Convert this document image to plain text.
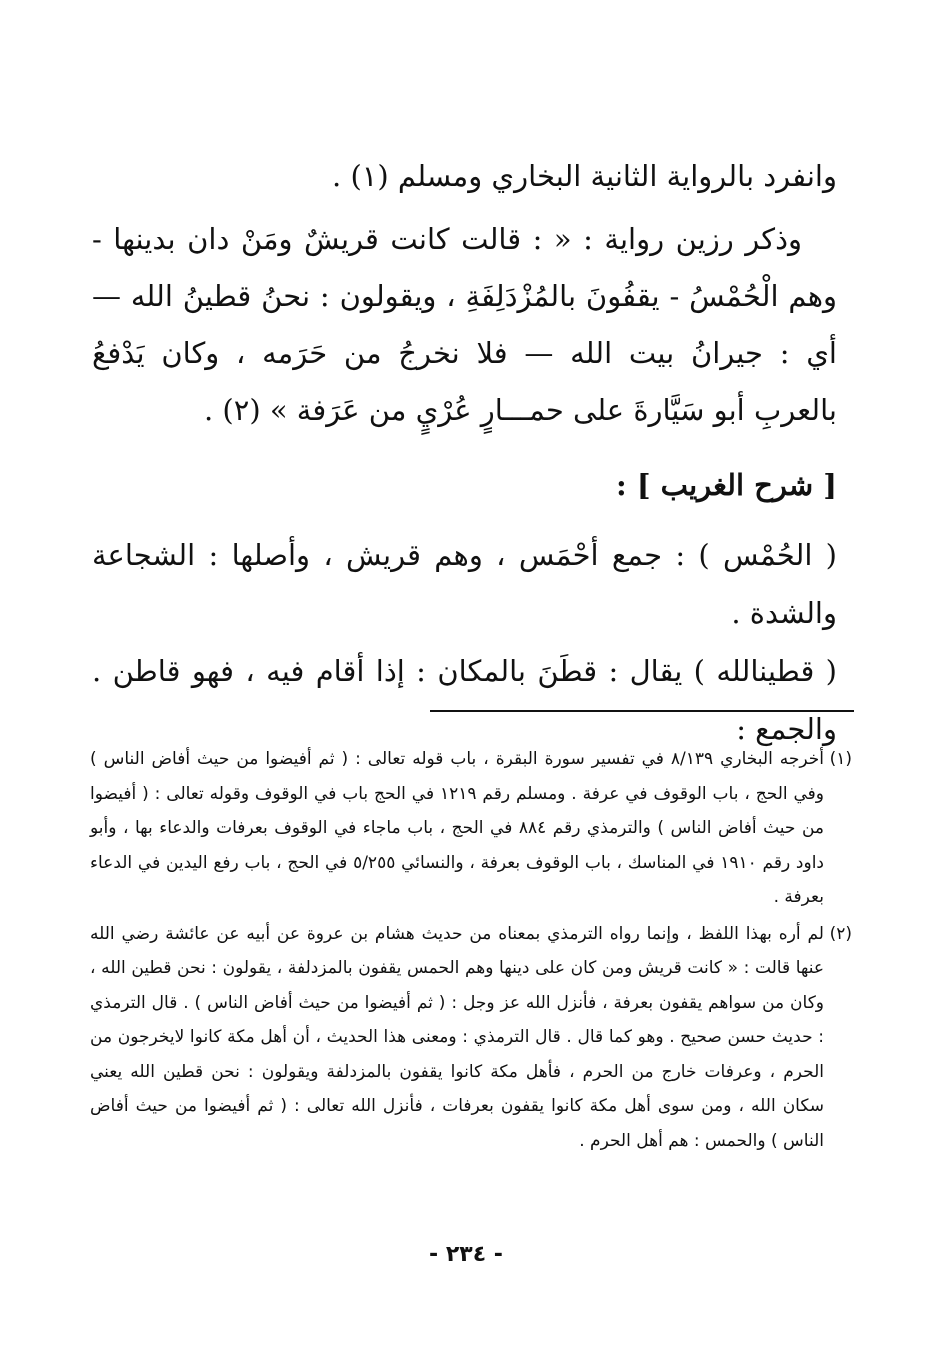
وانفرد بالرواية الثانية البخاري ومسلم (١) .

وذكر رزين رواية : « : قالت كانت قريشٌ ومَنْ دان بدينها - وهم الْحُمْسُ - يقفُونَ بالمُزْدَلِفَةِ ، ويقولون : نحنُ قطينُ الله — أي : جيرانُ بيت الله — فلا نخرجُ من حَرَمه ، وكان يَدْفعُ بالعربِ أبو سَيَّارةَ على حمـــارٍ عُرْيٍ من عَرَفة » (٢) .

[ شرح الغريب ] :

( الحُمْس ) : جمع أحْمَس ، وهم قريش ، وأصلها : الشجاعة والشدة .

( قطينالله ) يقال : قطَنَ بالمكان : إذا أقام فيه ، فهو قاطن . والجمع :

(١)
أخرجه البخاري ٨/١٣٩ في تفسير سورة البقرة ، باب قوله تعالى : ( ثم أفيضوا من حيث أفاض الناس ) وفي الحج ، باب الوقوف في عرفة . ومسلم رقم ١٢١٩ في الحج باب في الوقوف وقوله تعالى : ( أفيضوا من حيث أفاض الناس ) والترمذي رقم ٨٨٤ في الحج ، باب ماجاء في الوقوف بعرفات والدعاء بها ، وأبو داود رقم ١٩١٠ في المناسك ، باب الوقوف بعرفة ، والنسائي ٥/٢٥٥ في الحج ، باب رفع اليدين في الدعاء بعرفة .

(٢)
لم أره بهذا اللفظ ، وإنما رواه الترمذي بمعناه من حديث هشام بن عروة عن أبيه عن عائشة رضي الله عنها قالت : « كانت قريش ومن كان على دينها وهم الحمس يقفون بالمزدلفة ، يقولون : نحن قطين الله ، وكان من سواهم يقفون بعرفة ، فأنزل الله عز وجل : ( ثم أفيضوا من حيث أفاض الناس ) . قال الترمذي : حديث حسن صحيح . وهو كما قال . قال الترمذي : ومعنى هذا الحديث ، أن أهل مكة كانوا لايخرجون من الحرم ، وعرفات خارج من الحرم ، فأهل مكة كانوا يقفون بالمزدلفة ويقولون : نحن قطين الله يعني سكان الله ، ومن سوى أهل مكة كانوا يقفون بعرفات ، فأنزل الله تعالى : ( ثم أفيضوا من حيث أفاض الناس ) والحمس : هم أهل الحرم .

- ٢٣٤ -
